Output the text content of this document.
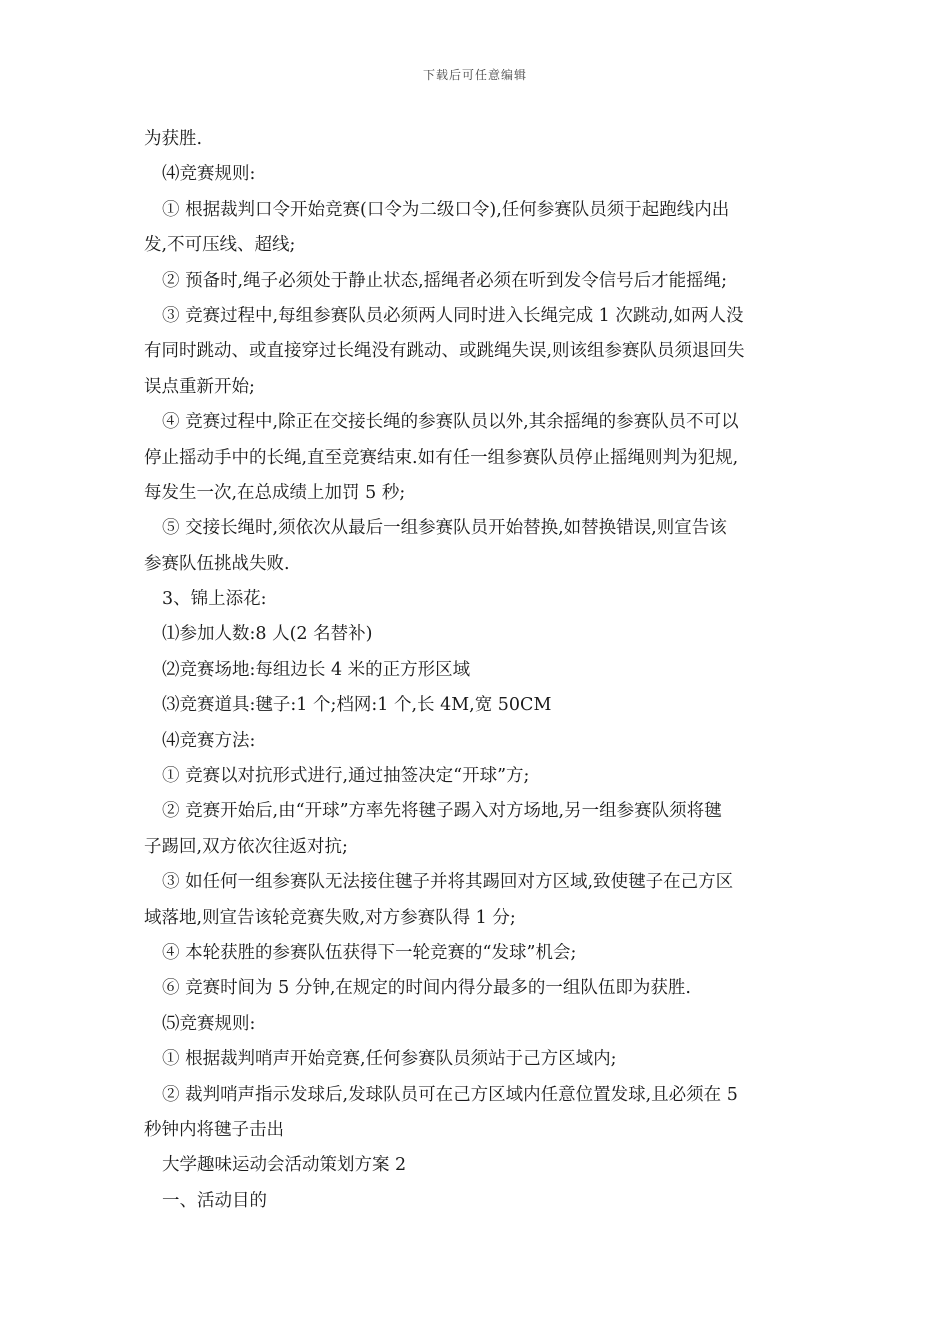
下载后可任意编辑
为获胜.
⑷竞赛规则:
① 根据裁判口令开始竞赛(口令为二级口令),任何参赛队员须于起跑线内出
发,不可压线、超线;
② 预备时,绳子必须处于静止状态,摇绳者必须在听到发令信号后才能摇绳;
③ 竞赛过程中,每组参赛队员必须两人同时进入长绳完成 1 次跳动,如两人没
有同时跳动、或直接穿过长绳没有跳动、或跳绳失误,则该组参赛队员须退回失
误点重新开始;
④ 竞赛过程中,除正在交接长绳的参赛队员以外,其余摇绳的参赛队员不可以
停止摇动手中的长绳,直至竞赛结束.如有任一组参赛队员停止摇绳则判为犯规,
每发生一次,在总成绩上加罚 5 秒;
⑤ 交接长绳时,须依次从最后一组参赛队员开始替换,如替换错误,则宣告该
参赛队伍挑战失败.
3、锦上添花:
⑴参加人数:8 人(2 名替补)
⑵竞赛场地:每组边长 4 米的正方形区域
⑶竞赛道具:毽子:1 个;档网:1 个,长 4M,宽 50CM
⑷竞赛方法:
① 竞赛以对抗形式进行,通过抽签决定“开球”方;
② 竞赛开始后,由“开球”方率先将毽子踢入对方场地,另一组参赛队须将毽
子踢回,双方依次往返对抗;
③ 如任何一组参赛队无法接住毽子并将其踢回对方区域,致使毽子在己方区
域落地,则宣告该轮竞赛失败,对方参赛队得 1 分;
④ 本轮获胜的参赛队伍获得下一轮竞赛的“发球”机会;
⑥ 竞赛时间为 5 分钟,在规定的时间内得分最多的一组队伍即为获胜.
⑸竞赛规则:
① 根据裁判哨声开始竞赛,任何参赛队员须站于己方区域内;
② 裁判哨声指示发球后,发球队员可在己方区域内任意位置发球,且必须在 5
秒钟内将毽子击出
大学趣味运动会活动策划方案 2
一、活动目的
